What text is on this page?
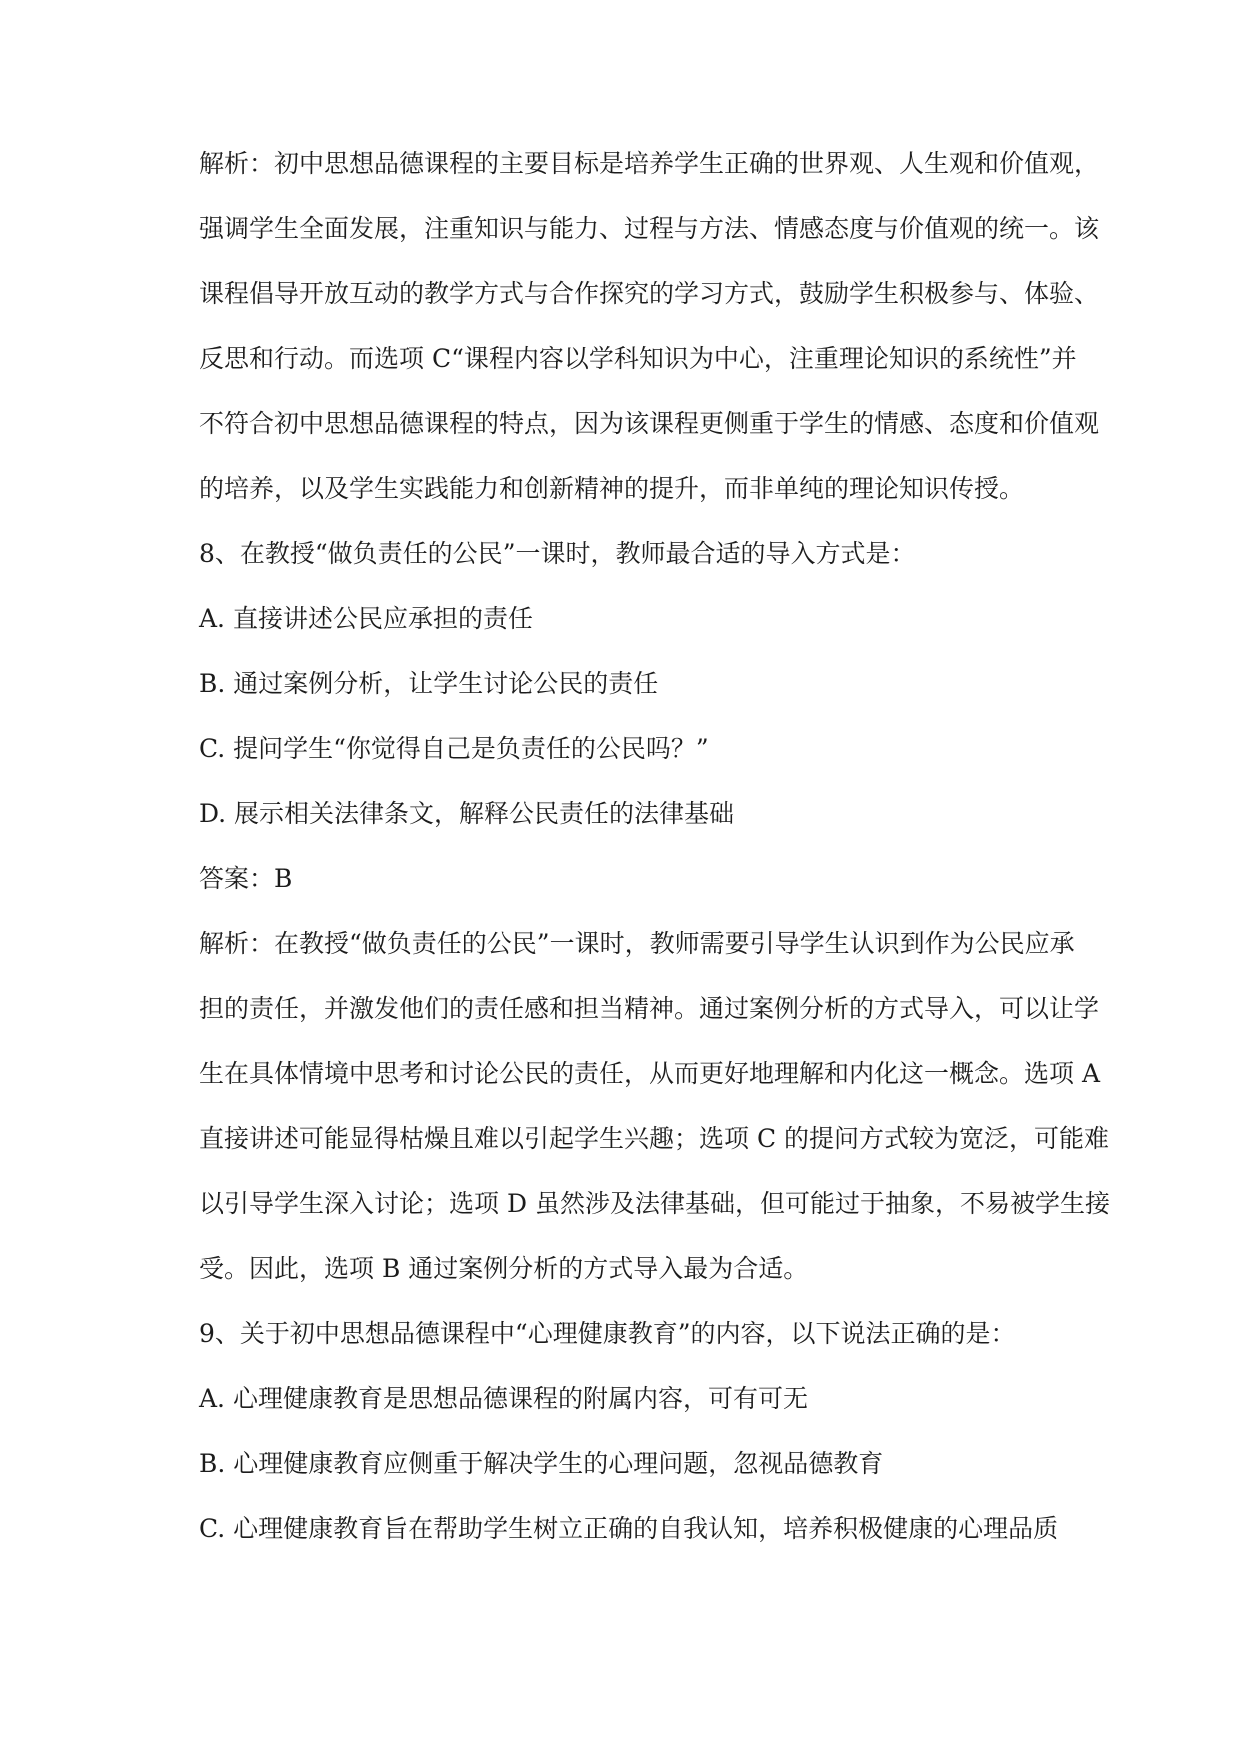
解析：初中思想品德课程的主要目标是培养学生正确的世界观、人生观和价值观，

强调学生全面发展，注重知识与能力、过程与方法、情感态度与价值观的统一。该

课程倡导开放互动的教学方式与合作探究的学习方式，鼓励学生积极参与、体验、

反思和行动。而选项 C“课程内容以学科知识为中心，注重理论知识的系统性”并

不符合初中思想品德课程的特点，因为该课程更侧重于学生的情感、态度和价值观

的培养，以及学生实践能力和创新精神的提升，而非单纯的理论知识传授。

8、在教授“做负责任的公民”一课时，教师最合适的导入方式是：

A. 直接讲述公民应承担的责任

B. 通过案例分析，让学生讨论公民的责任

C. 提问学生“你觉得自己是负责任的公民吗？”

D. 展示相关法律条文，解释公民责任的法律基础

答案：B

解析：在教授“做负责任的公民”一课时，教师需要引导学生认识到作为公民应承

担的责任，并激发他们的责任感和担当精神。通过案例分析的方式导入，可以让学

生在具体情境中思考和讨论公民的责任，从而更好地理解和内化这一概念。选项 A

直接讲述可能显得枯燥且难以引起学生兴趣；选项 C 的提问方式较为宽泛，可能难

以引导学生深入讨论；选项 D 虽然涉及法律基础，但可能过于抽象，不易被学生接

受。因此，选项 B 通过案例分析的方式导入最为合适。

9、关于初中思想品德课程中“心理健康教育”的内容，以下说法正确的是：

A. 心理健康教育是思想品德课程的附属内容，可有可无

B. 心理健康教育应侧重于解决学生的心理问题，忽视品德教育

C. 心理健康教育旨在帮助学生树立正确的自我认知，培养积极健康的心理品质
